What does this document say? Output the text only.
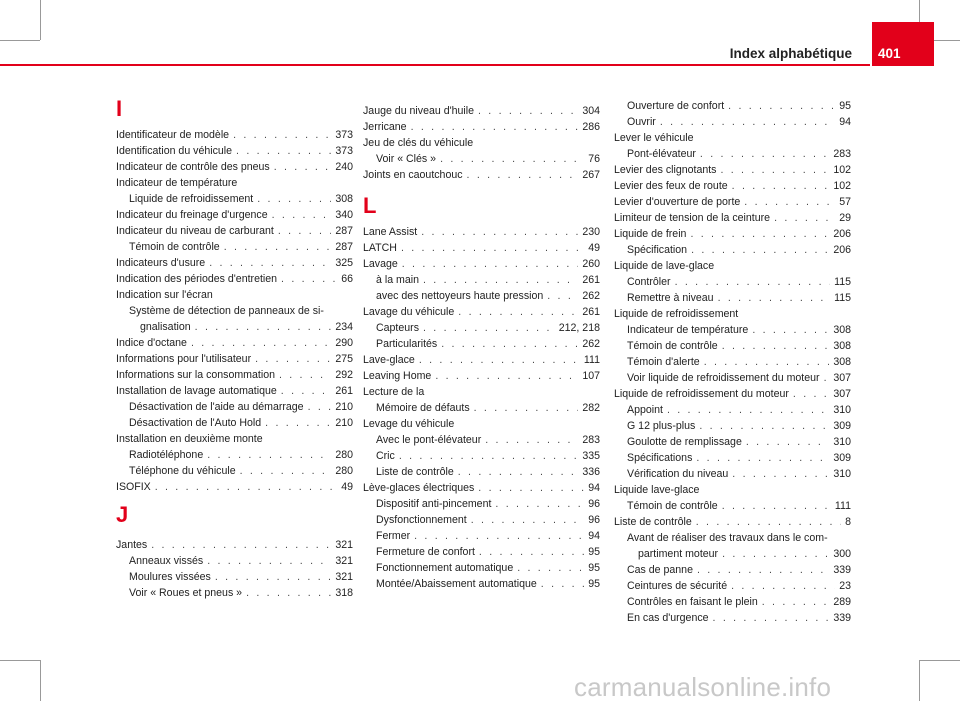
Index alphabétique 401
I
Identificateur de modèle . . .	373
Identification du véhicule . . .	373
Indicateur de contrôle des pneus . . .	240
Indicateur de température
Liquide de refroidissement . . .	308
Indicateur du freinage d'urgence . . .	340
Indicateur du niveau de carburant . . .	287
Témoin de contrôle . . .	287
Indicateurs d'usure . . .	325
Indication des périodes d'entretien . . .	66
Indication sur l'écran
Système de détection de panneaux de si-
gnalisation . . .	234
Indice d'octane . . .	290
Informations pour l'utilisateur . . .	275
Informations sur la consommation . . .	292
Installation de lavage automatique . . .	261
Désactivation de l'aide au démarrage . . .	210
Désactivation de l'Auto Hold . . .	210
Installation en deuxième monte
Radiotéléphone . . .	280
Téléphone du véhicule . . .	280
ISOFIX . . .	49
J
Jantes . . .	321
Anneaux vissés . . .	321
Moulures vissées . . .	321
Voir « Roues et pneus » . . .	318
Jauge du niveau d'huile . . .	304
Jerricane . . .	286
Jeu de clés du véhicule
Voir « Clés » . . .	76
Joints en caoutchouc . . .	267
L
Lane Assist . . .	230
LATCH . . .	49
Lavage . . .	260
à la main . . .	261
avec des nettoyeurs haute pression . . .	262
Lavage du véhicule . . .	261
Capteurs . . .	212, 218
Particularités . . .	262
Lave-glace . . .	111
Leaving Home . . .	107
Lecture de la
Mémoire de défauts . . .	282
Levage du véhicule
Avec le pont-élévateur . . .	283
Cric . . .	335
Liste de contrôle . . .	336
Lève-glaces électriques . . .	94
Dispositif anti-pincement . . .	96
Dysfonctionnement . . .	96
Fermer . . .	94
Fermeture de confort . . .	95
Fonctionnement automatique . . .	95
Montée/Abaissement automatique . . .	95
Ouverture de confort . . .	95
Ouvrir . . .	94
Lever le véhicule
Pont-élévateur . . .	283
Levier des clignotants . . .	102
Levier des feux de route . . .	102
Levier d'ouverture de porte . . .	57
Limiteur de tension de la ceinture . . .	29
Liquide de frein . . .	206
Spécification . . .	206
Liquide de lave-glace
Contrôler . . .	115
Remettre à niveau . . .	115
Liquide de refroidissement
Indicateur de température . . .	308
Témoin de contrôle . . .	308
Témoin d'alerte . . .	308
Voir liquide de refroidissement du moteur . . . 307
Liquide de refroidissement du moteur . . .	307
Appoint . . .	310
G 12 plus-plus . . .	309
Goulotte de remplissage . . .	310
Spécifications . . .	309
Vérification du niveau . . .	310
Liquide lave-glace
Témoin de contrôle . . .	111
Liste de contrôle . . .	8
Avant de réaliser des travaux dans le com-
partiment moteur . . .	300
Cas de panne . . .	339
Ceintures de sécurité . . .	23
Contrôles en faisant le plein . . .	289
En cas d'urgence . . .	339
carmanualsonline.info
